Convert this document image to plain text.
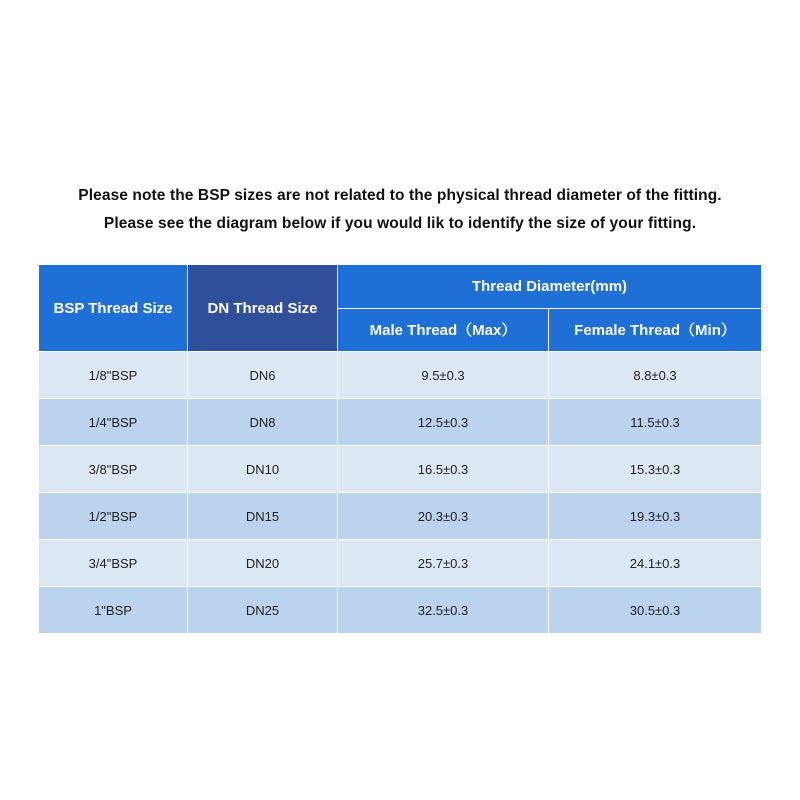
Please note the BSP sizes are not related to the physical thread diameter of the fitting.
Please see the diagram below if you would lik to identify the size of your fitting.
BSP Thread Size	DN Thread Size	Thread Diameter(mm)	
		Male Thread（Max）	Female Thread（Min）
1/8"BSP	DN6	9.5±0.3	8.8±0.3
1/4"BSP	DN8	12.5±0.3	11.5±0.3
3/8"BSP	DN10	16.5±0.3	15.3±0.3
1/2"BSP	DN15	20.3±0.3	19.3±0.3
3/4"BSP	DN20	25.7±0.3	24.1±0.3
1"BSP	DN25	32.5±0.3	30.5±0.3
